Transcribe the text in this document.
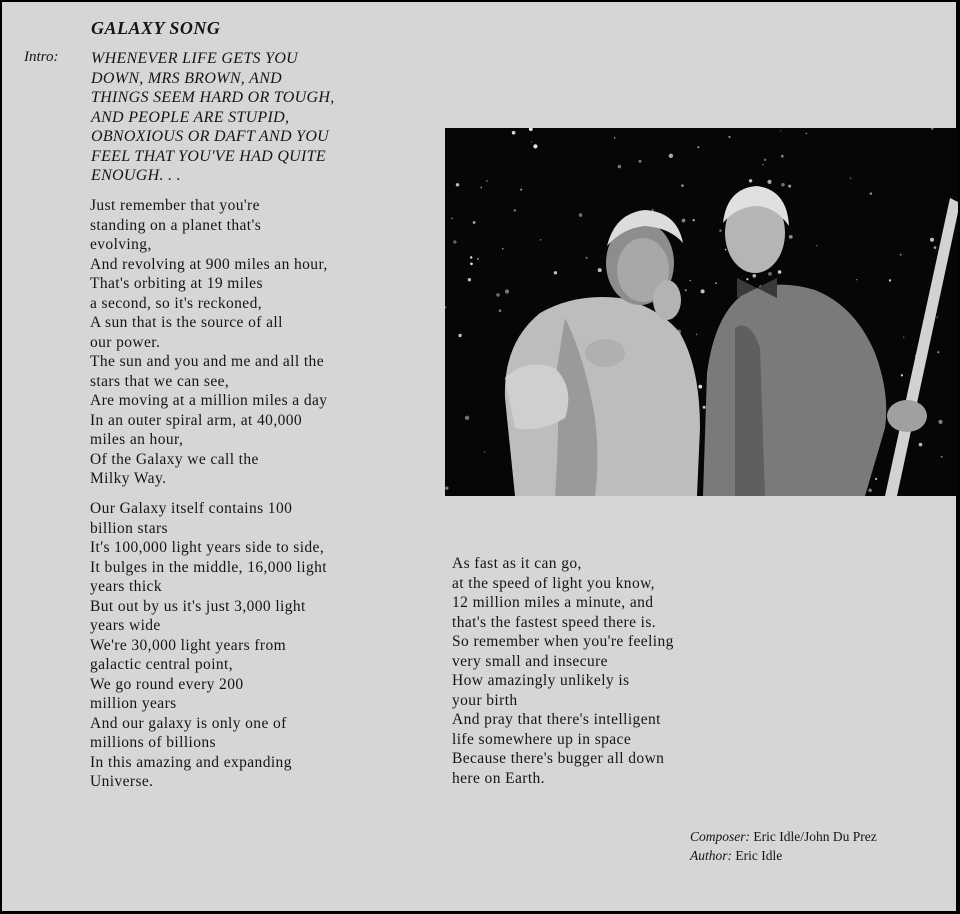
GALAXY SONG
Intro: WHENEVER LIFE GETS YOU
DOWN, MRS BROWN, AND
THINGS SEEM HARD OR TOUGH,
AND PEOPLE ARE STUPID,
OBNOXIOUS OR DAFT AND YOU
FEEL THAT YOU'VE HAD QUITE
ENOUGH. . .
Just remember that you're
standing on a planet that's
evolving,
And revolving at 900 miles an hour,
That's orbiting at 19 miles
a second, so it's reckoned,
A sun that is the source of all
our power.
The sun and you and me and all the
stars that we can see,
Are moving at a million miles a day
In an outer spiral arm, at 40,000
miles an hour,
Of the Galaxy we call the
Milky Way.
Our Galaxy itself contains 100
billion stars
It's 100,000 light years side to side,
It bulges in the middle, 16,000 light
years thick
But out by us it's just 3,000 light
years wide
We're 30,000 light years from
galactic central point,
We go round every 200
million years
And our galaxy is only one of
millions of billions
In this amazing and expanding
Universe.
As fast as it can go,
at the speed of light you know,
12 million miles a minute, and
that's the fastest speed there is.
So remember when you're feeling
very small and insecure
How amazingly unlikely is
your birth
And pray that there's intelligent
life somewhere up in space
Because there's bugger all down
here on Earth.
Composer: Eric Idle/John Du Prez
Author: Eric Idle
